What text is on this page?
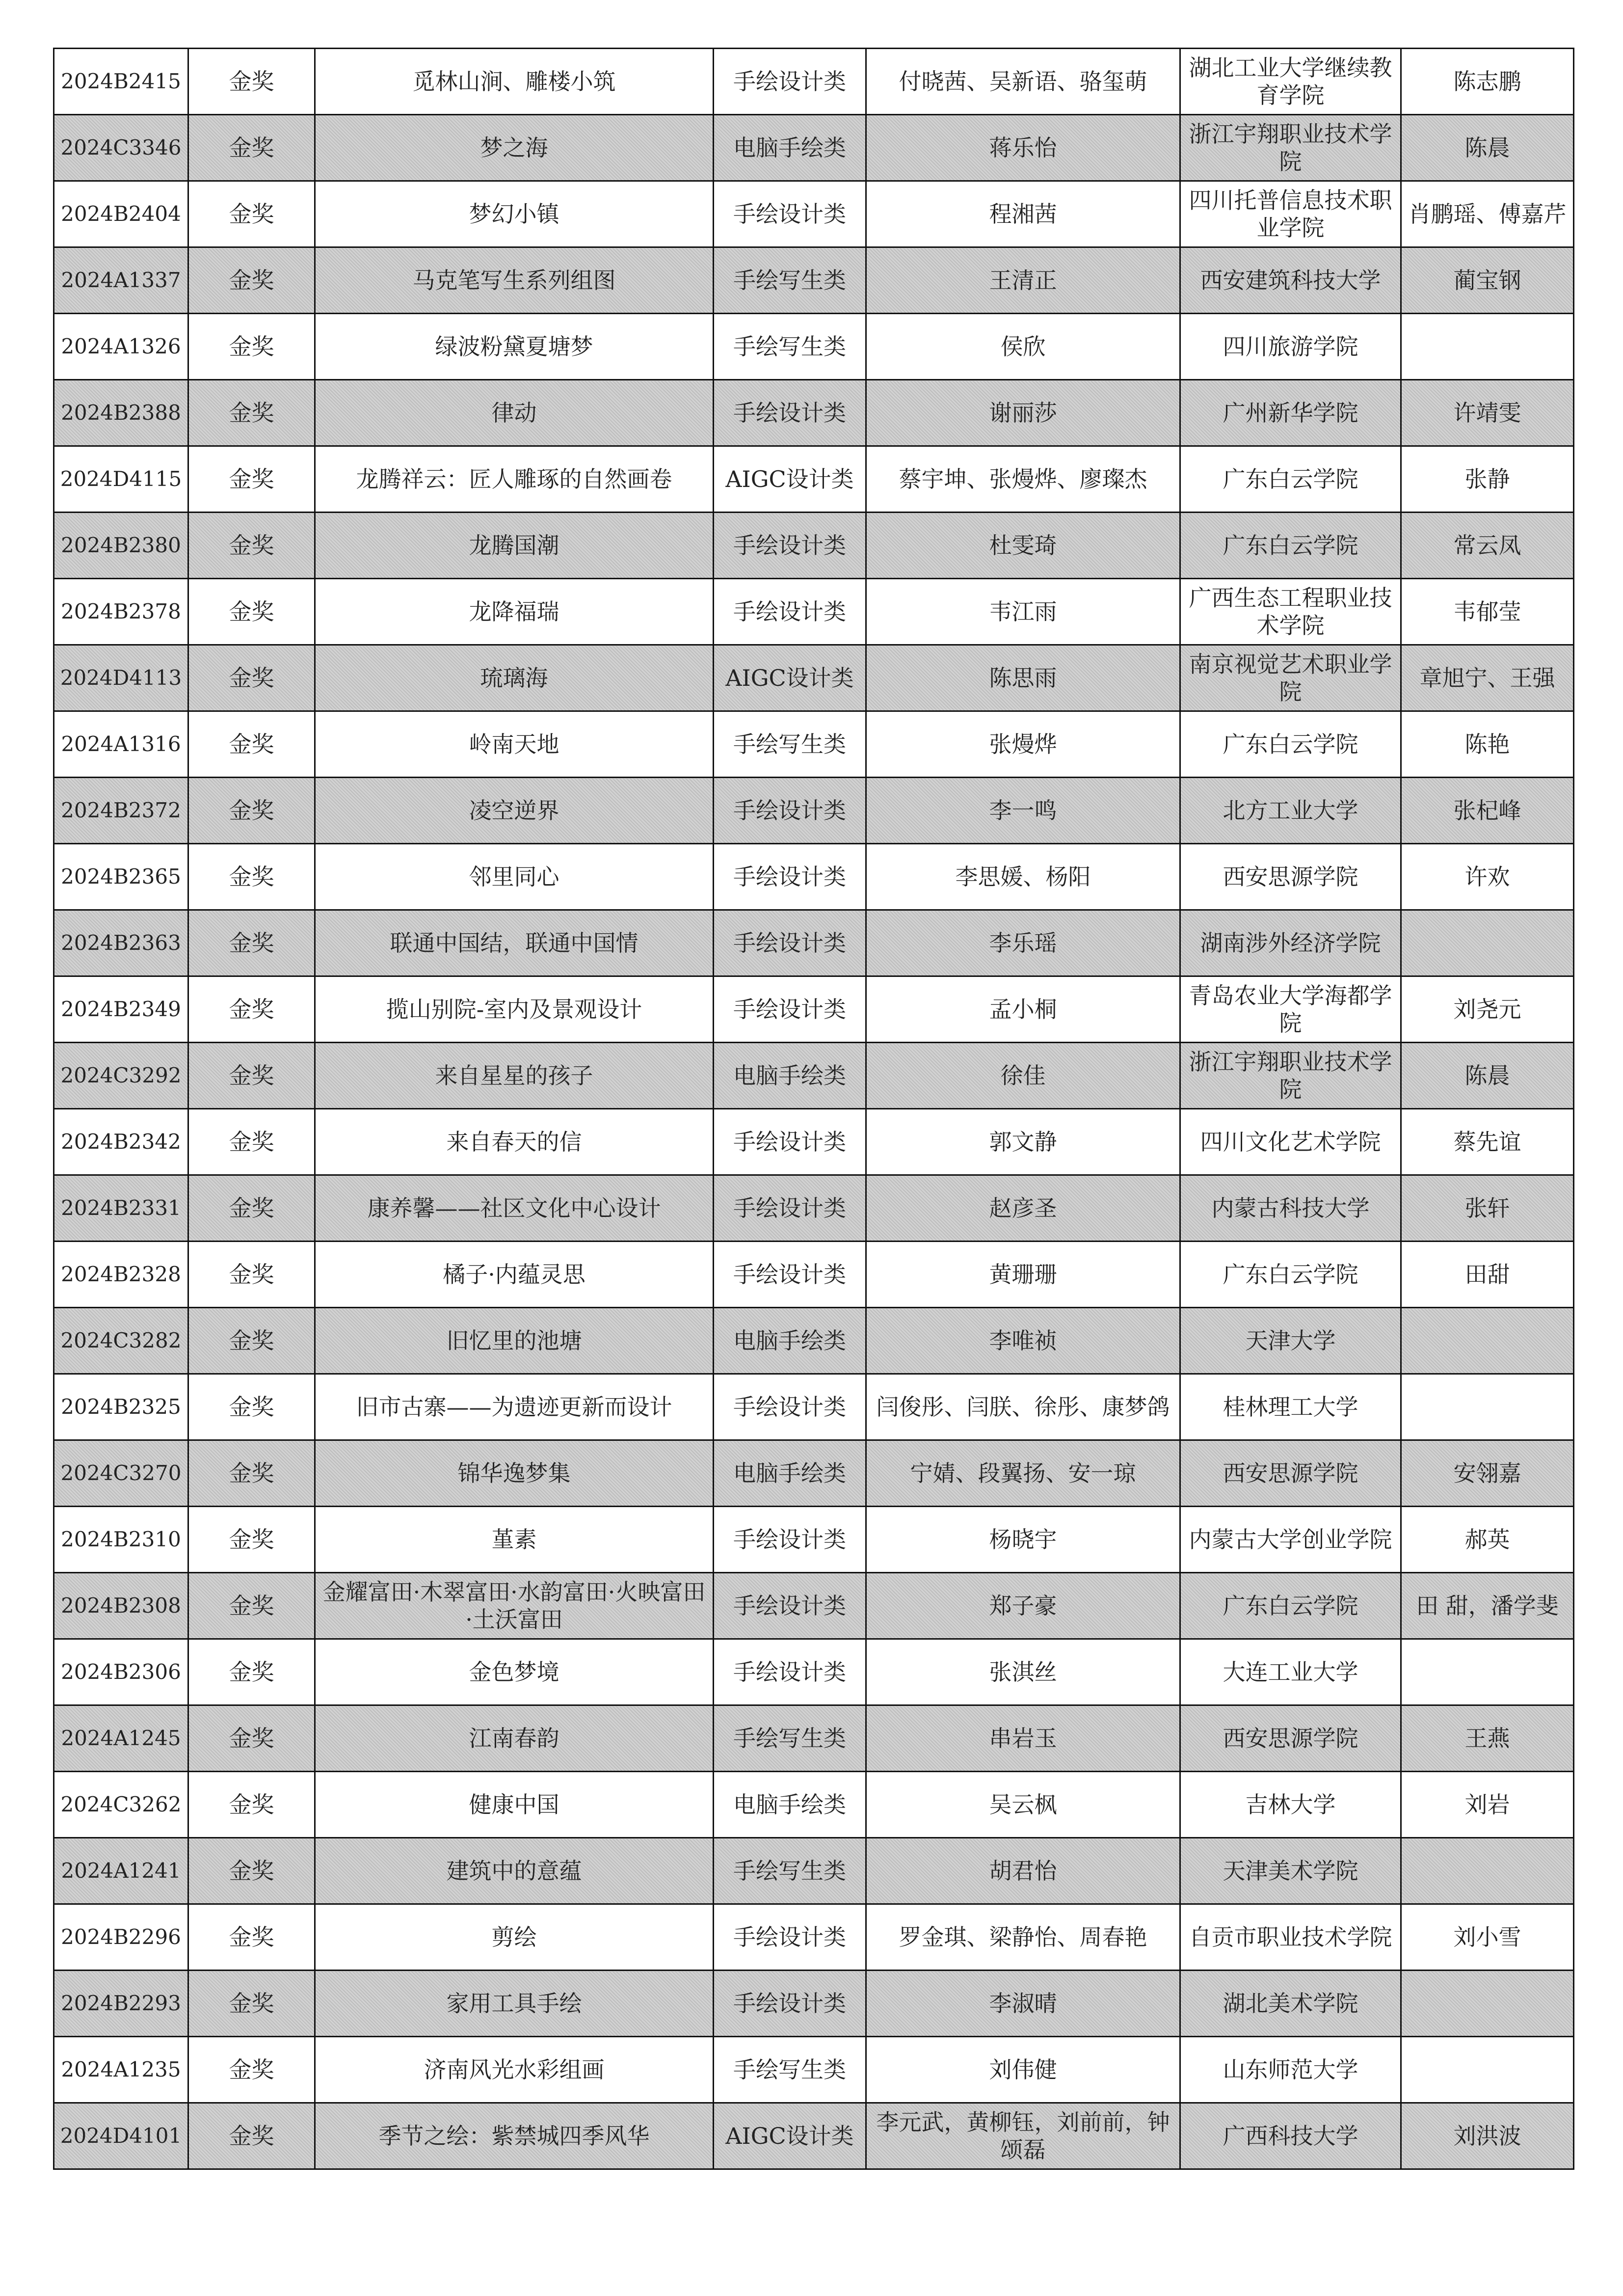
2024B2415	金奖	觅林山涧、雕楼小筑	手绘设计类	付晓茜、吴新语、骆玺萌	湖北工业大学继续教育学院	陈志鹏
2024C3346	金奖	梦之海	电脑手绘类	蒋乐怡	浙江宇翔职业技术学院	陈晨
2024B2404	金奖	梦幻小镇	手绘设计类	程湘茜	四川托普信息技术职业学院	肖鹏瑶、傅嘉芹
2024A1337	金奖	马克笔写生系列组图	手绘写生类	王清正	西安建筑科技大学	蔺宝钢
2024A1326	金奖	绿波粉黛夏塘梦	手绘写生类	侯欣	四川旅游学院	
2024B2388	金奖	律动	手绘设计类	谢丽莎	广州新华学院	许靖雯
2024D4115	金奖	龙腾祥云：匠人雕琢的自然画卷	AIGC设计类	蔡宇坤、张熳烨、廖璨杰	广东白云学院	张静
2024B2380	金奖	龙腾国潮	手绘设计类	杜雯琦	广东白云学院	常云凤
2024B2378	金奖	龙降福瑞	手绘设计类	韦江雨	广西生态工程职业技术学院	韦郁莹
2024D4113	金奖	琉璃海	AIGC设计类	陈思雨	南京视觉艺术职业学院	章旭宁、王强
2024A1316	金奖	岭南天地	手绘写生类	张熳烨	广东白云学院	陈艳
2024B2372	金奖	凌空逆界	手绘设计类	李一鸣	北方工业大学	张杞峰
2024B2365	金奖	邻里同心	手绘设计类	李思媛、杨阳	西安思源学院	许欢
2024B2363	金奖	联通中国结，联通中国情	手绘设计类	李乐瑶	湖南涉外经济学院	
2024B2349	金奖	揽山别院-室内及景观设计	手绘设计类	孟小桐	青岛农业大学海都学院	刘尧元
2024C3292	金奖	来自星星的孩子	电脑手绘类	徐佳	浙江宇翔职业技术学院	陈晨
2024B2342	金奖	来自春天的信	手绘设计类	郭文静	四川文化艺术学院	蔡先谊
2024B2331	金奖	康养馨——社区文化中心设计	手绘设计类	赵彦圣	内蒙古科技大学	张轩
2024B2328	金奖	橘子·内蕴灵思	手绘设计类	黄珊珊	广东白云学院	田甜
2024C3282	金奖	旧忆里的池塘	电脑手绘类	李唯祯	天津大学	
2024B2325	金奖	旧市古寨——为遗迹更新而设计	手绘设计类	闫俊彤、闫朕、徐彤、康梦鸽	桂林理工大学	
2024C3270	金奖	锦华逸梦集	电脑手绘类	宁婧、段翼扬、安一琼	西安思源学院	安翎嘉
2024B2310	金奖	堇素	手绘设计类	杨晓宇	内蒙古大学创业学院	郝英
2024B2308	金奖	金耀富田·木翠富田·水韵富田·火映富田·土沃富田	手绘设计类	郑子豪	广东白云学院	田 甜，潘学斐
2024B2306	金奖	金色梦境	手绘设计类	张淇丝	大连工业大学	
2024A1245	金奖	江南春韵	手绘写生类	串岩玉	西安思源学院	王燕
2024C3262	金奖	健康中国	电脑手绘类	吴云枫	吉林大学	刘岩
2024A1241	金奖	建筑中的意蕴	手绘写生类	胡君怡	天津美术学院	
2024B2296	金奖	剪绘	手绘设计类	罗金琪、梁静怡、周春艳	自贡市职业技术学院	刘小雪
2024B2293	金奖	家用工具手绘	手绘设计类	李淑晴	湖北美术学院	
2024A1235	金奖	济南风光水彩组画	手绘写生类	刘伟健	山东师范大学	
2024D4101	金奖	季节之绘：紫禁城四季风华	AIGC设计类	李元武，黄柳钰，刘前前，钟颂磊	广西科技大学	刘洪波
